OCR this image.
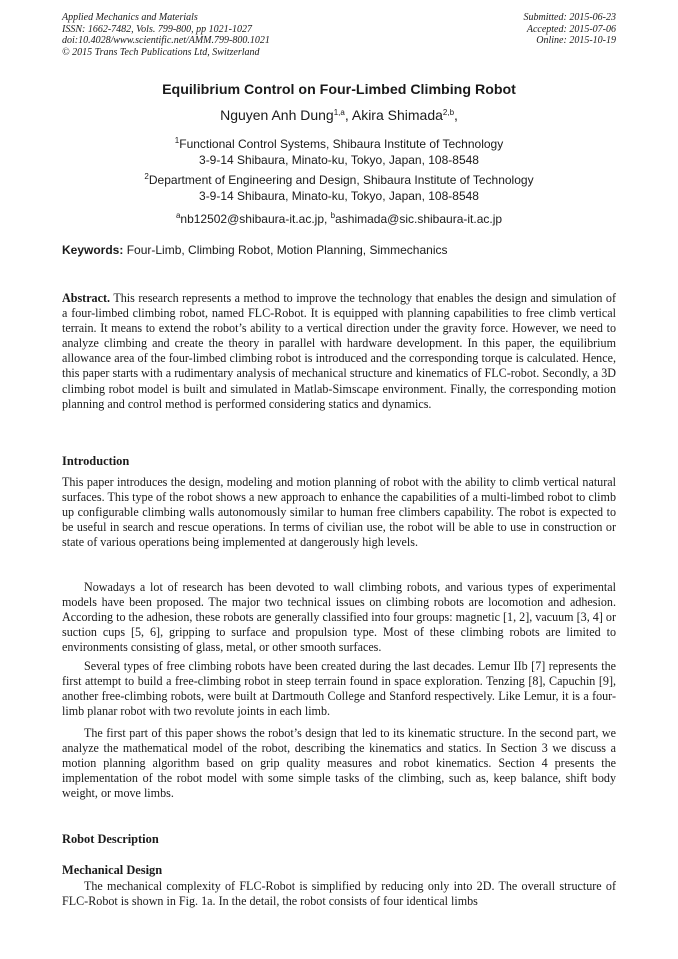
Applied Mechanics and Materials
ISSN: 1662-7482, Vols. 799-800, pp 1021-1027
doi:10.4028/www.scientific.net/AMM.799-800.1021
© 2015 Trans Tech Publications Ltd, Switzerland
Submitted: 2015-06-23
Accepted: 2015-07-06
Online: 2015-10-19
Equilibrium Control on Four-Limbed Climbing Robot
Nguyen Anh Dung$^{1,a}$, Akira Shimada$^{2,b}$,
$^1$Functional Control Systems, Shibaura Institute of Technology
3-9-14 Shibaura, Minato-ku, Tokyo, Japan, 108-8548
$^2$Department of Engineering and Design, Shibaura Institute of Technology
3-9-14 Shibaura, Minato-ku, Tokyo, Japan, 108-8548
$^a$nb12502@shibaura-it.ac.jp, $^b$ashimada@sic.shibaura-it.ac.jp
Keywords: Four-Limb, Climbing Robot, Motion Planning, Simmechanics
Abstract. This research represents a method to improve the technology that enables the design and simulation of a four-limbed climbing robot, named FLC-Robot. It is equipped with planning capabilities to free climb vertical terrain. It means to extend the robot’s ability to a vertical direction under the gravity force. However, we need to analyze climbing and create the theory in parallel with hardware development. In this paper, the equilibrium allowance area of the four-limbed climbing robot is introduced and the corresponding torque is calculated. Hence, this paper starts with a rudimentary analysis of mechanical structure and kinematics of FLC-robot. Secondly, a 3D climbing robot model is built and simulated in Matlab-Simscape environment. Finally, the corresponding motion planning and control method is performed considering statics and dynamics.
Introduction
This paper introduces the design, modeling and motion planning of robot with the ability to climb vertical natural surfaces. This type of the robot shows a new approach to enhance the capabilities of a multi-limbed robot to climb up configurable climbing walls autonomously similar to human free climbers capability. The robot is expected to be useful in search and rescue operations. In terms of civilian use, the robot will be able to use in construction or state of various operations being implemented at dangerously high levels.
Nowadays a lot of research has been devoted to wall climbing robots, and various types of experimental models have been proposed. The major two technical issues on climbing robots are locomotion and adhesion. According to the adhesion, these robots are generally classified into four groups: magnetic [1, 2], vacuum [3, 4] or suction cups [5, 6], gripping to surface and propulsion type. Most of these climbing robots are limited to environments consisting of glass, metal, or other smooth surfaces.
Several types of free climbing robots have been created during the last decades. Lemur IIb [7] represents the first attempt to build a free-climbing robot in steep terrain found in space exploration. Tenzing [8], Capuchin [9], another free-climbing robots, were built at Dartmouth College and Stanford respectively. Like Lemur, it is a four-limb planar robot with two revolute joints in each limb.
The first part of this paper shows the robot’s design that led to its kinematic structure. In the second part, we analyze the mathematical model of the robot, describing the kinematics and statics. In Section 3 we discuss a motion planning algorithm based on grip quality measures and robot kinematics. Section 4 presents the implementation of the robot model with some simple tasks of the climbing, such as, keep balance, shift body weight, or move limbs.
Robot Description
Mechanical Design
The mechanical complexity of FLC-Robot is simplified by reducing only into 2D. The overall structure of FLC-Robot is shown in Fig. 1a. In the detail, the robot consists of four identical limbs
